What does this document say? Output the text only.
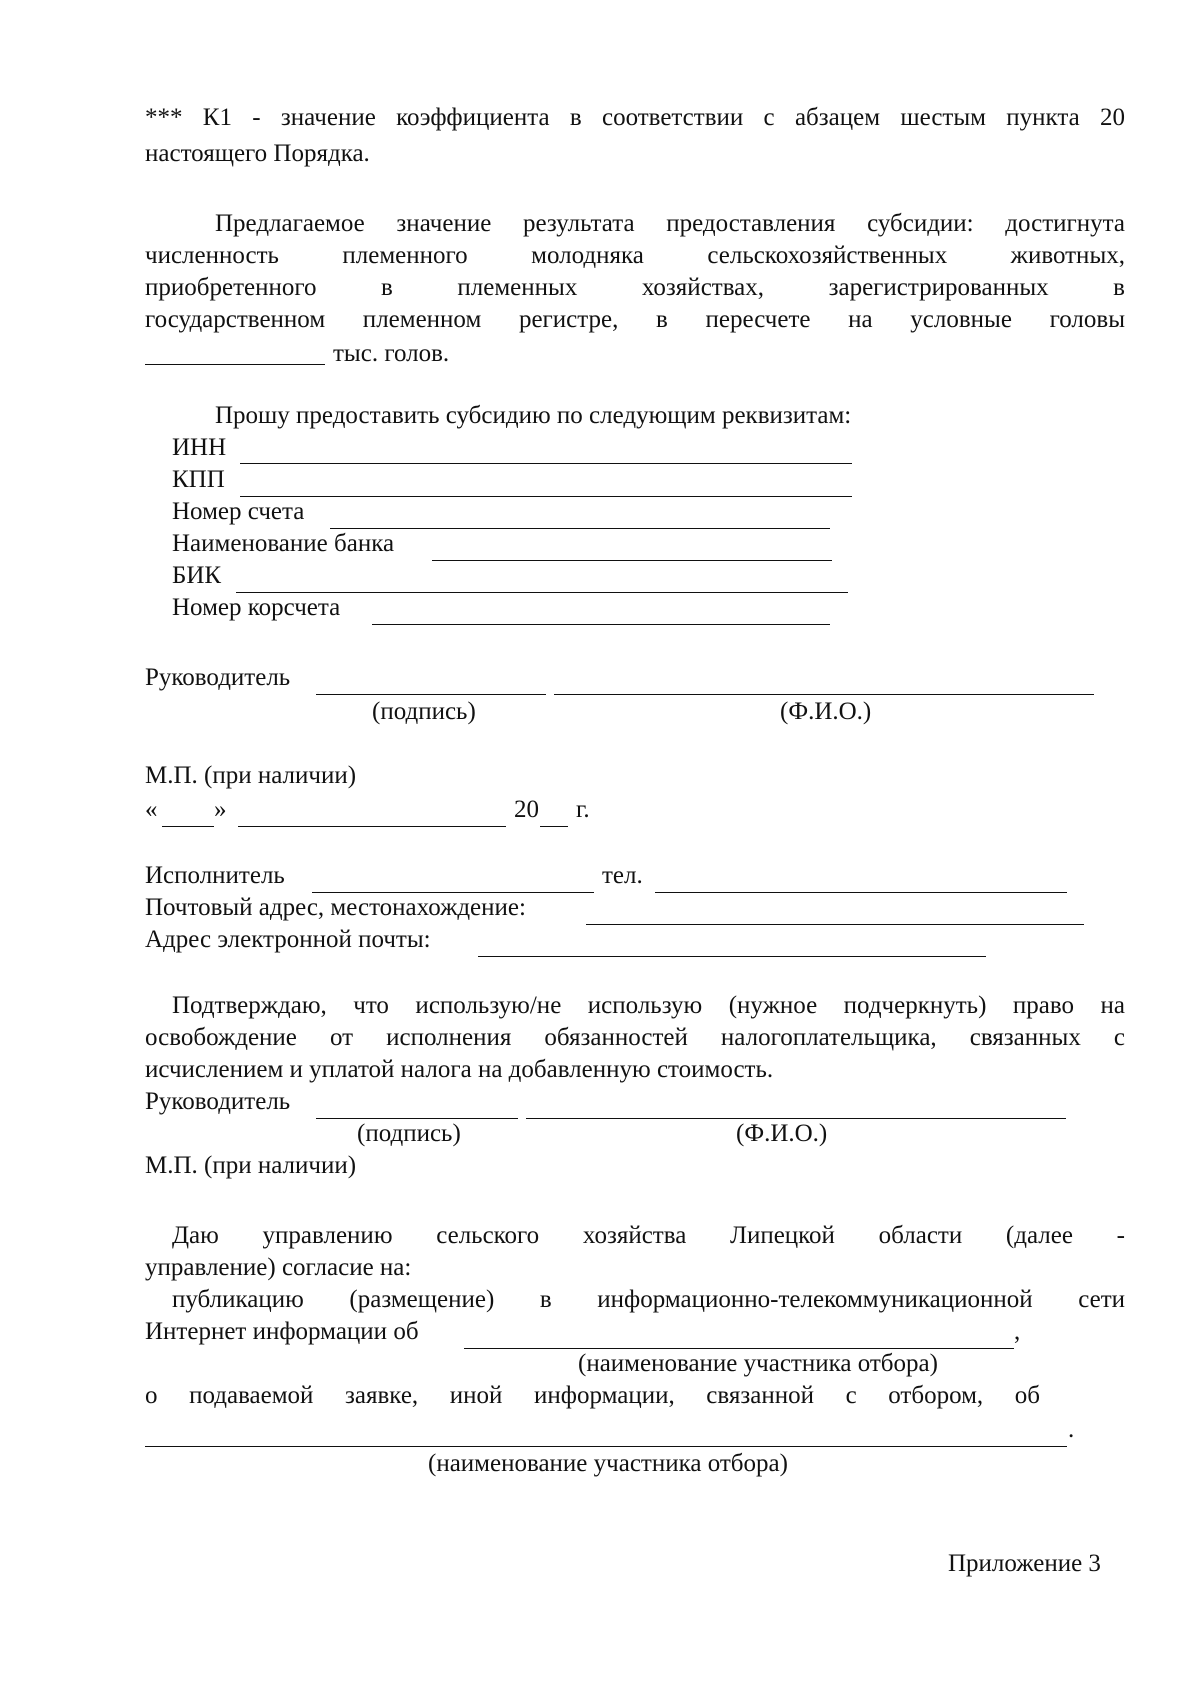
*** К1 - значение коэффициента в соответствии с абзацем шестым пункта 20
настоящего Порядка.
Предлагаемое значение результата предоставления субсидии: достигнута
численность племенного молодняка сельскохозяйственных животных,
приобретенного в племенных хозяйствах, зарегистрированных в
государственном племенном регистре, в пересчете на условные головы
тыс. голов.
Прошу предоставить субсидию по следующим реквизитам:
ИНН
КПП
Номер счета
Наименование банка
БИК
Номер корсчета
Руководитель
(подпись)	(Ф.И.О.)
М.П. (при наличии)
« »	20 г.
Исполнитель	тел.
Почтовый адрес, местонахождение:
Адрес электронной почты:
Подтверждаю, что использую/не использую (нужное подчеркнуть) право на
освобождение от исполнения обязанностей налогоплательщика, связанных с
исчислением и уплатой налога на добавленную стоимость.
Руководитель
(подпись)	(Ф.И.О.)
М.П. (при наличии)
Даю управлению сельского хозяйства Липецкой области (далее -
управление) согласие на:
публикацию (размещение) в информационно-телекоммуникационной сети
Интернет информации об	,
(наименование участника отбора)
о подаваемой заявке, иной информации, связанной с отбором, об
.
(наименование участника отбора)
Приложение 3
